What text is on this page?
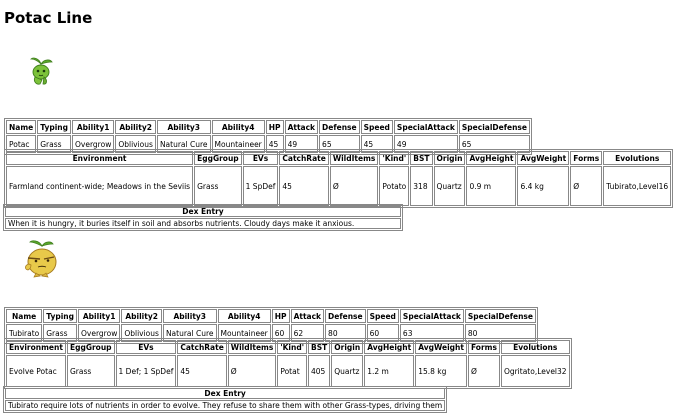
Potac Line
Name	Typing	Ability1	Ability2	Ability3	Ability4	HP	Attack	Defense	Speed	SpecialAttack	SpecialDefense
Potac	Grass	Overgrow	Oblivious	Natural Cure	Mountaineer	45	49	65	45	49	65
Environment	EggGroup	EVs	CatchRate	WildItems	'Kind'	BST	Origin	AvgHeight	AvgWeight	Forms	Evolutions
Farmland continent-wide; Meadows in the Seviis	Grass	1 SpDef	45	Ø	Potato	318	Quartz	0.9 m	6.4 kg	Ø	Tubirato,Level16
Dex Entry
When it is hungry, it buries itself in soil and absorbs nutrients. Cloudy days make it anxious.
Name	Typing	Ability1	Ability2	Ability3	Ability4	HP	Attack	Defense	Speed	SpecialAttack	SpecialDefense
Tubirato	Grass	Overgrow	Oblivious	Natural Cure	Mountaineer	60	62	80	60	63	80
Environment	EggGroup	EVs	CatchRate	WildItems	'Kind'	BST	Origin	AvgHeight	AvgWeight	Forms	Evolutions
Evolve Potac	Grass	1 Def; 1 SpDef	45	Ø	Potat	405	Quartz	1.2 m	15.8 kg	Ø	Ogritato,Level32
Dex Entry
Tubirato require lots of nutrients in order to evolve. They refuse to share them with other Grass-types, driving them
